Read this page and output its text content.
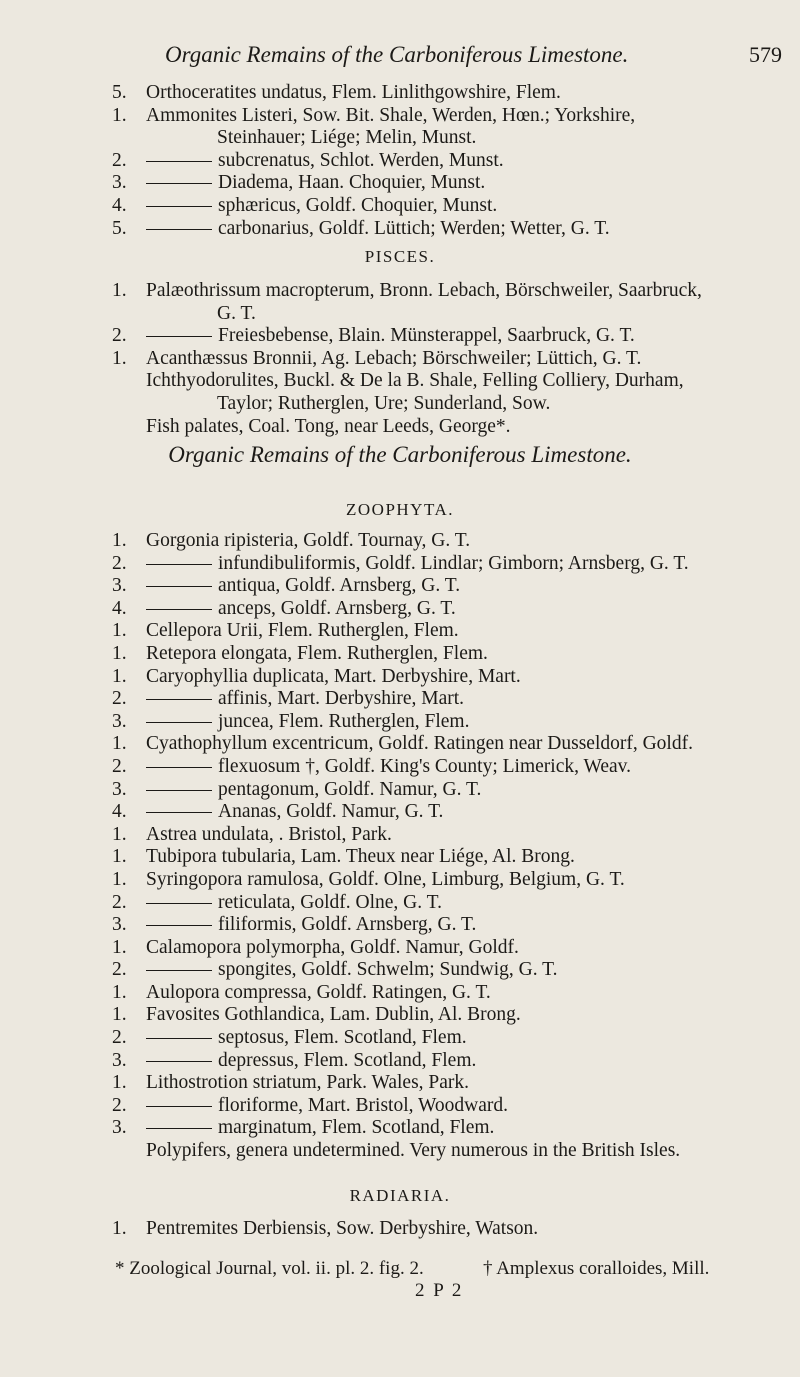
Organic Remains of the Carboniferous Limestone.	579
5. Orthoceratites undatus, Flem. Linlithgowshire, Flem.
1. Ammonites Listeri, Sow. Bit. Shale, Werden, Hœn.; Yorkshire,
Steinhauer; Liége; Melin, Munst.
2.	subcrenatus, Schlot. Werden, Munst.
3.	Diadema, Haan. Choquier, Munst.
4.	sphæricus, Goldf. Choquier, Munst.
5.	carbonarius, Goldf. Lüttich; Werden; Wetter, G. T.
PISCES.
1. Palæothrissum macropterum, Bronn. Lebach, Börschweiler, Saarbruck,
G. T.
2.	Freiesbebense, Blain. Münsterappel, Saarbruck, G. T.
1. Acanthæssus Bronnii, Ag. Lebach; Börschweiler; Lüttich, G. T.
Ichthyodorulites, Buckl. & De la B. Shale, Felling Colliery, Durham,
Taylor; Rutherglen, Ure; Sunderland, Sow.
Fish palates, Coal. Tong, near Leeds, George*.
Organic Remains of the Carboniferous Limestone.
ZOOPHYTA.
1. Gorgonia ripisteria, Goldf. Tournay, G. T.
2.	infundibuliformis, Goldf. Lindlar; Gimborn; Arnsberg, G. T.
3.	antiqua, Goldf. Arnsberg, G. T.
4.	anceps, Goldf. Arnsberg, G. T.
1. Cellepora Urii, Flem. Rutherglen, Flem.
1. Retepora elongata, Flem. Rutherglen, Flem.
1. Caryophyllia duplicata, Mart. Derbyshire, Mart.
2.	affinis, Mart. Derbyshire, Mart.
3.	juncea, Flem. Rutherglen, Flem.
1. Cyathophyllum excentricum, Goldf. Ratingen near Dusseldorf, Goldf.
2.	flexuosum †, Goldf. King's County; Limerick, Weav.
3.	pentagonum, Goldf. Namur, G. T.
4.	Ananas, Goldf. Namur, G. T.
1. Astrea undulata, . Bristol, Park.
1. Tubipora tubularia, Lam. Theux near Liége, Al. Brong.
1. Syringopora ramulosa, Goldf. Olne, Limburg, Belgium, G. T.
2.	reticulata, Goldf. Olne, G. T.
3.	filiformis, Goldf. Arnsberg, G. T.
1. Calamopora polymorpha, Goldf. Namur, Goldf.
2.	spongites, Goldf. Schwelm; Sundwig, G. T.
1. Aulopora compressa, Goldf. Ratingen, G. T.
1. Favosites Gothlandica, Lam. Dublin, Al. Brong.
2.	septosus, Flem. Scotland, Flem.
3.	depressus, Flem. Scotland, Flem.
1. Lithostrotion striatum, Park. Wales, Park.
2.	floriforme, Mart. Bristol, Woodward.
3.	marginatum, Flem. Scotland, Flem.
Polypifers, genera undetermined. Very numerous in the British Isles.
RADIARIA.
1. Pentremites Derbiensis, Sow. Derbyshire, Watson.
* Zoological Journal, vol. ii. pl. 2. fig. 2.	† Amplexus coralloides, Mill.
2 P 2
